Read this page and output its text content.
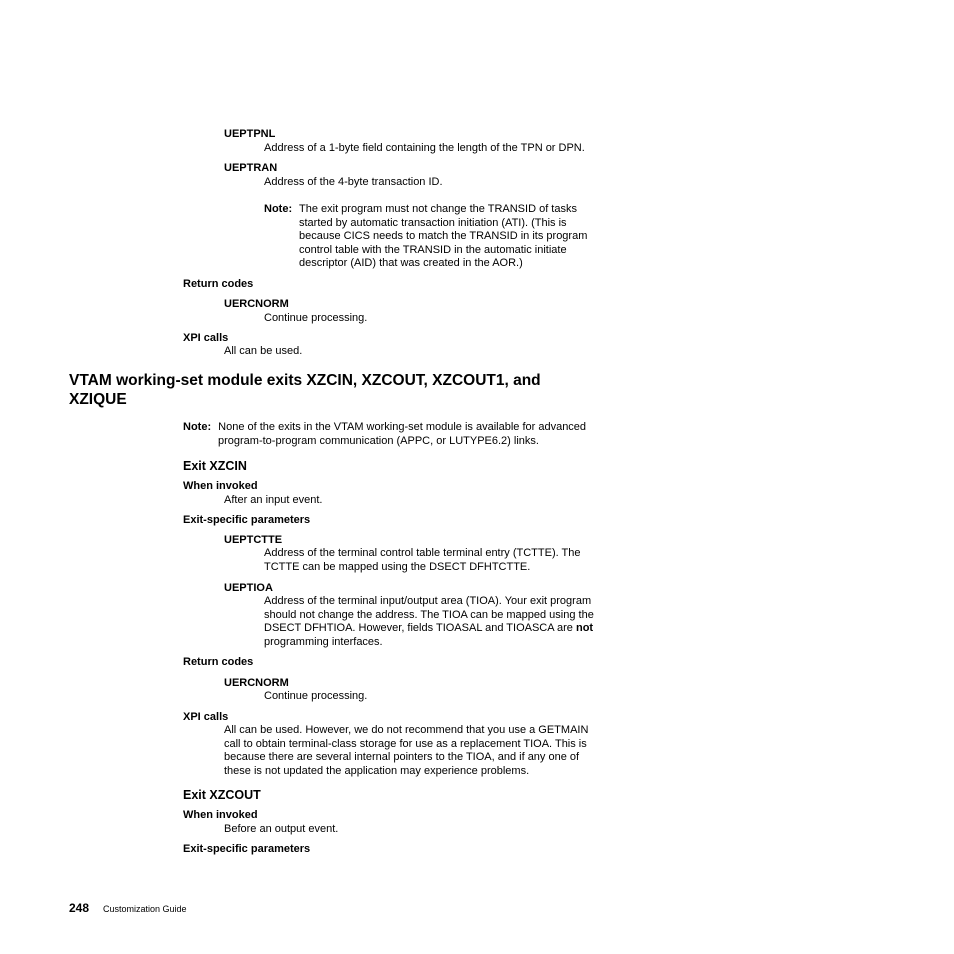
UEPTPNL
Address of a 1-byte field containing the length of the TPN or DPN.
UEPTRAN
Address of the 4-byte transaction ID.
Note: The exit program must not change the TRANSID of tasks
started by automatic transaction initiation (ATI). (This is
because CICS needs to match the TRANSID in its program
control table with the TRANSID in the automatic initiate
descriptor (AID) that was created in the AOR.)
Return codes
UERCNORM
Continue processing.
XPI calls
All can be used.
VTAM working-set module exits XZCIN, XZCOUT, XZCOUT1, and
XZIQUE
Note: None of the exits in the VTAM working-set module is available for advanced
program-to-program communication (APPC, or LUTYPE6.2) links.
Exit XZCIN
When invoked
After an input event.
Exit-specific parameters
UEPTCTTE
Address of the terminal control table terminal entry (TCTTE). The
TCTTE can be mapped using the DSECT DFHTCTTE.
UEPTIOA
Address of the terminal input/output area (TIOA). Your exit program
should not change the address. The TIOA can be mapped using the
DSECT DFHTIOA. However, fields TIOASAL and TIOASCA are not
programming interfaces.
Return codes
UERCNORM
Continue processing.
XPI calls
All can be used. However, we do not recommend that you use a GETMAIN
call to obtain terminal-class storage for use as a replacement TIOA. This is
because there are several internal pointers to the TIOA, and if any one of
these is not updated the application may experience problems.
Exit XZCOUT
When invoked
Before an output event.
Exit-specific parameters
248 Customization Guide
